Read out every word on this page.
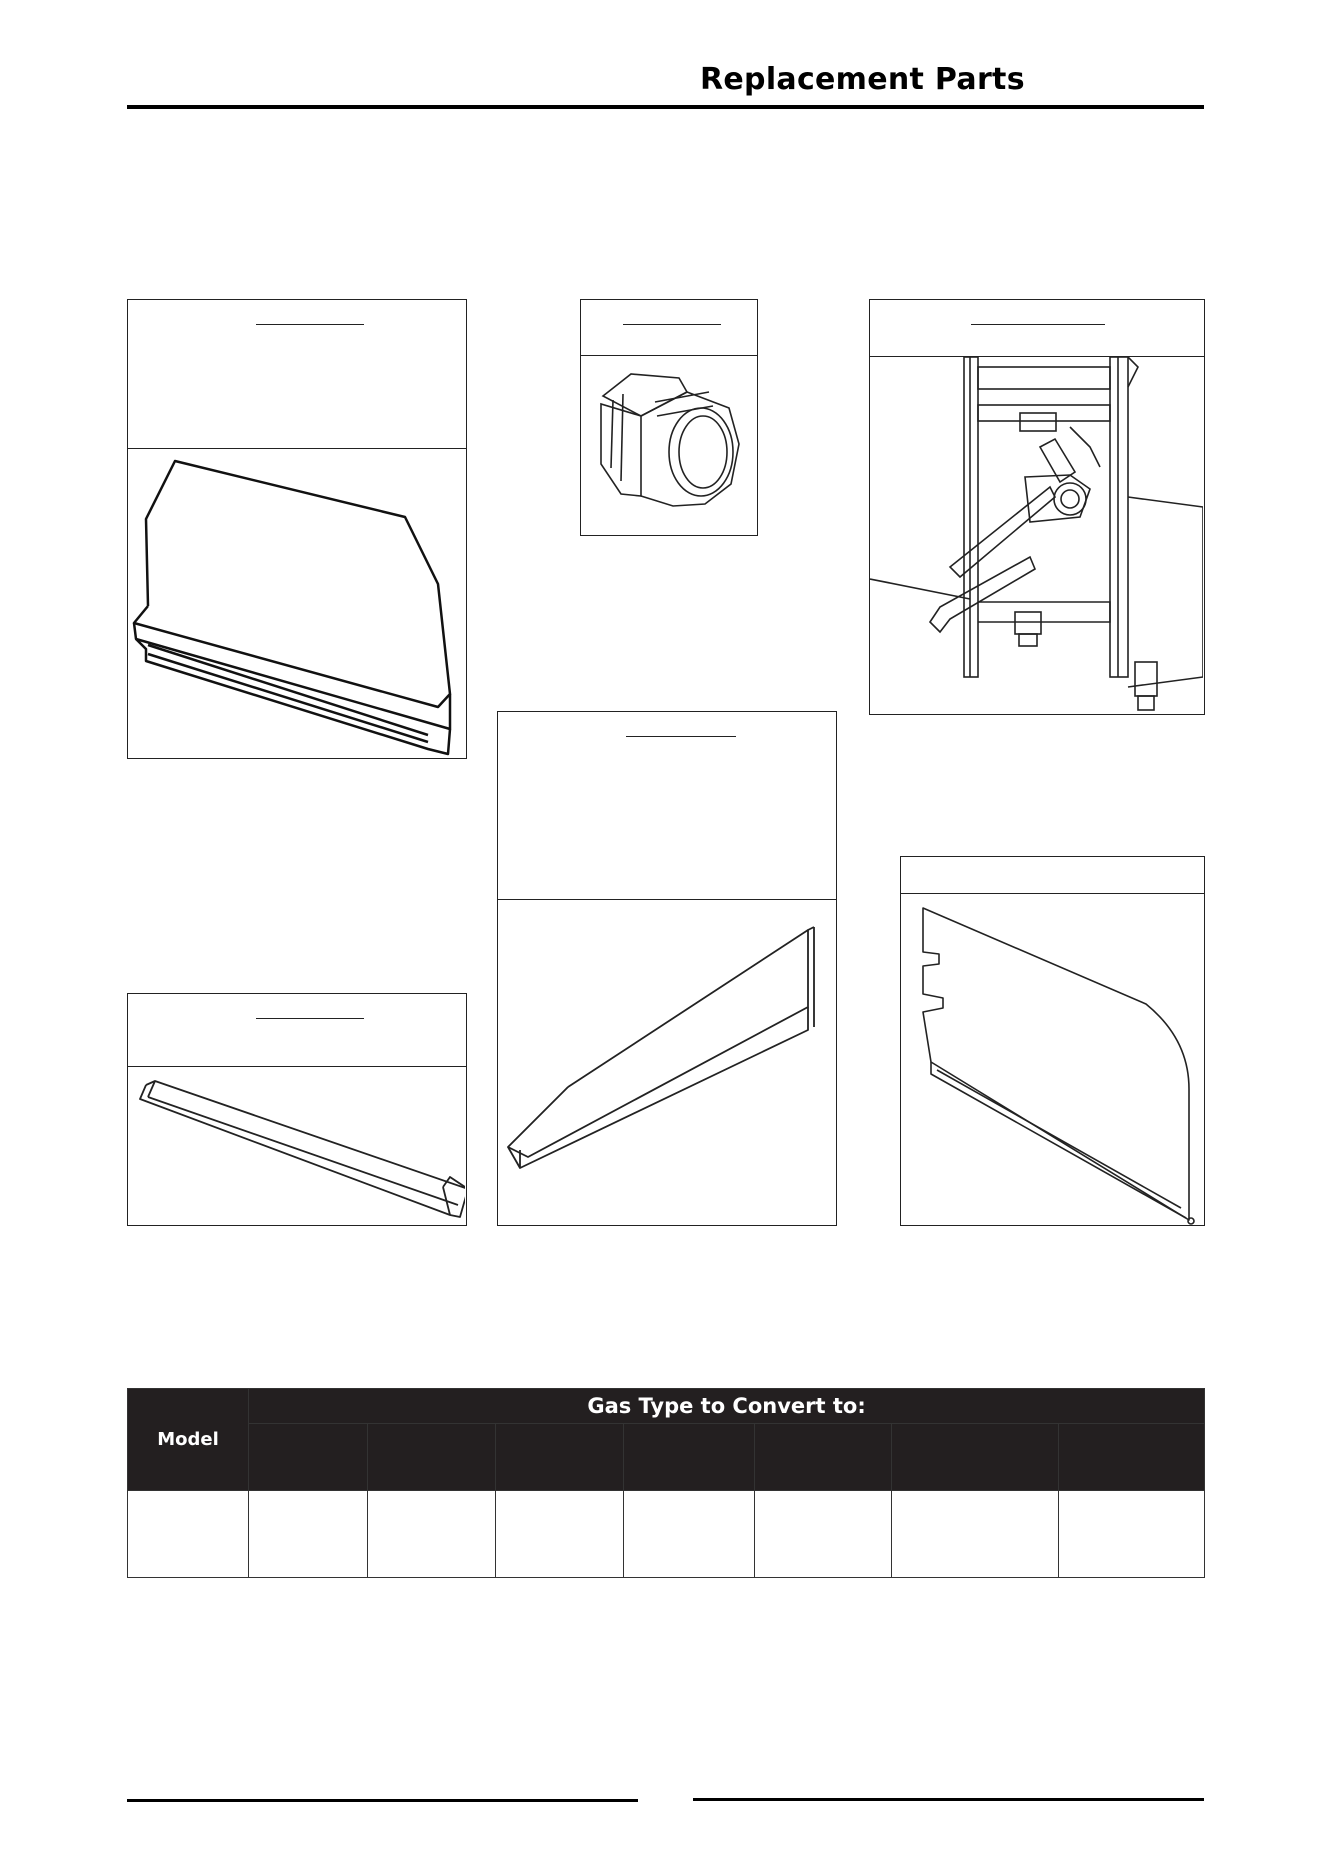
Replacement Parts
Model	Gas Type to Convert to:						
